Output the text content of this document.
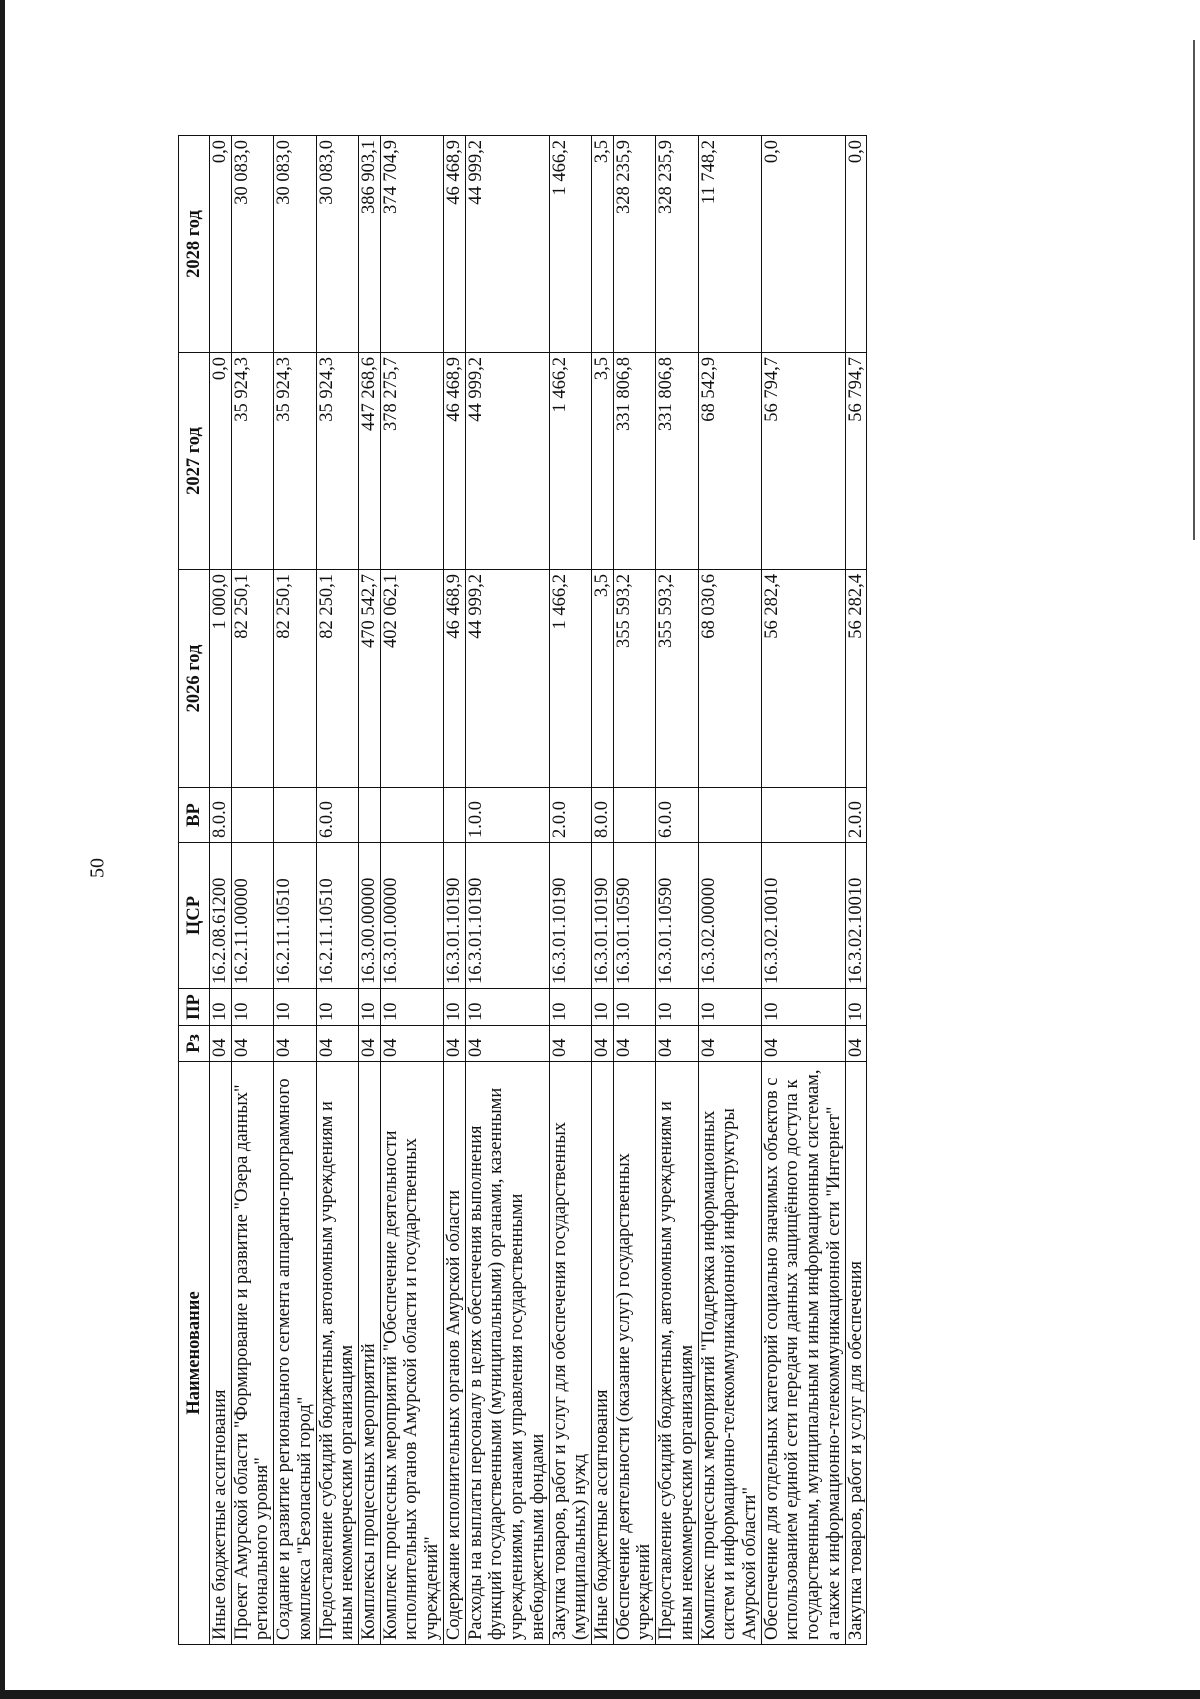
50
Наименование	Рз	ПР	ЦСР	ВР	2026 год	2027 год	2028 год
Иные бюджетные ассигнования	04	10	16.2.08.61200	8.0.0	1 000,0	0,0	0,0
Проект Амурской области "Формирование и развитие "Озера данных" регионального уровня"	04	10	16.2.11.00000		82 250,1	35 924,3	30 083,0
Создание и развитие регионального сегмента аппаратно-программного комплекса "Безопасный город"	04	10	16.2.11.10510		82 250,1	35 924,3	30 083,0
Предоставление субсидий бюджетным, автономным учреждениям и иным некоммерческим организациям	04	10	16.2.11.10510	6.0.0	82 250,1	35 924,3	30 083,0
Комплексы процессных мероприятий	04	10	16.3.00.00000		470 542,7	447 268,6	386 903,1
Комплекс процессных мероприятий "Обеспечение деятельности исполнительных органов Амурской области и государственных учреждений"	04	10	16.3.01.00000		402 062,1	378 275,7	374 704,9
Содержание исполнительных органов Амурской области	04	10	16.3.01.10190		46 468,9	46 468,9	46 468,9
Расходы на выплаты персоналу в целях обеспечения выполнения функций государственными (муниципальными) органами, казенными учреждениями, органами управления государственными внебюджетными фондами	04	10	16.3.01.10190	1.0.0	44 999,2	44 999,2	44 999,2
Закупка товаров, работ и услуг для обеспечения государственных (муниципальных) нужд	04	10	16.3.01.10190	2.0.0	1 466,2	1 466,2	1 466,2
Иные бюджетные ассигнования	04	10	16.3.01.10190	8.0.0	3,5	3,5	3,5
Обеспечение деятельности (оказание услуг) государственных учреждений	04	10	16.3.01.10590		355 593,2	331 806,8	328 235,9
Предоставление субсидий бюджетным, автономным учреждениям и иным некоммерческим организациям	04	10	16.3.01.10590	6.0.0	355 593,2	331 806,8	328 235,9
Комплекс процессных мероприятий "Поддержка информационных систем и информационно-телекоммуникационной инфраструктуры Амурской области"	04	10	16.3.02.00000		68 030,6	68 542,9	11 748,2
Обеспечение для отдельных категорий социально значимых объектов с использованием единой сети передачи данных защищённого доступа к государственным, муниципальным и иным информационным системам, а также к информационно-телекоммуникационной сети "Интернет"	04	10	16.3.02.10010		56 282,4	56 794,7	0,0
Закупка товаров, работ и услуг для обеспечения	04	10	16.3.02.10010	2.0.0	56 282,4	56 794,7	0,0
